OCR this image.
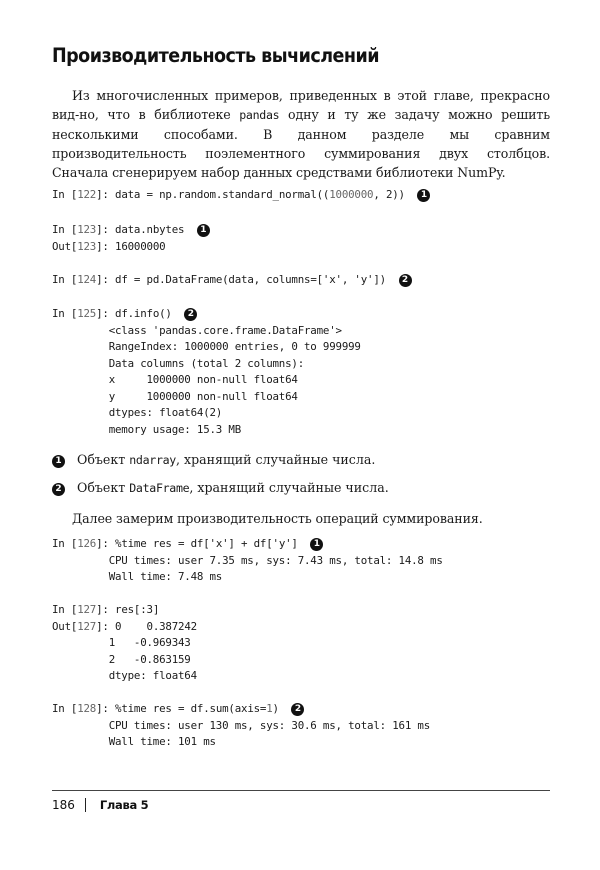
Производительность вычислений

Из многочисленных примеров, приведенных в этой главе, прекрасно вид-но, что в библиотеке pandas одну и ту же задачу можно решить несколькими способами. В данном разделе мы сравним производительность поэлементного суммирования двух столбцов. Сначала сгенерируем набор данных средствами библиотеки NumPy.

In [122]: data = np.random.standard_normal((1000000, 2)) 1
In [123]: data.nbytes 1
Out[123]: 16000000
In [124]: df = pd.DataFrame(data, columns=['x', 'y']) 2
In [125]: df.info() 2
<class 'pandas.core.frame.DataFrame'>
RangeIndex: 1000000 entries, 0 to 999999
Data columns (total 2 columns):
x     1000000 non-null float64
y     1000000 non-null float64
dtypes: float64(2)
memory usage: 15.3 MB

1 Объект ndarray, хранящий случайные числа.

2 Объект DataFrame, хранящий случайные числа.

Далее замерим производительность операций суммирования.

In [126]: %time res = df['x'] + df['y'] 1
CPU times: user 7.35 ms, sys: 7.43 ms, total: 14.8 ms
Wall time: 7.48 ms
In [127]: res[:3]
Out[127]: 0    0.387242
1   -0.969343
2   -0.863159
dtype: float64
In [128]: %time res = df.sum(axis=1) 2
CPU times: user 130 ms, sys: 30.6 ms, total: 161 ms
Wall time: 101 ms
186 Глава 5
